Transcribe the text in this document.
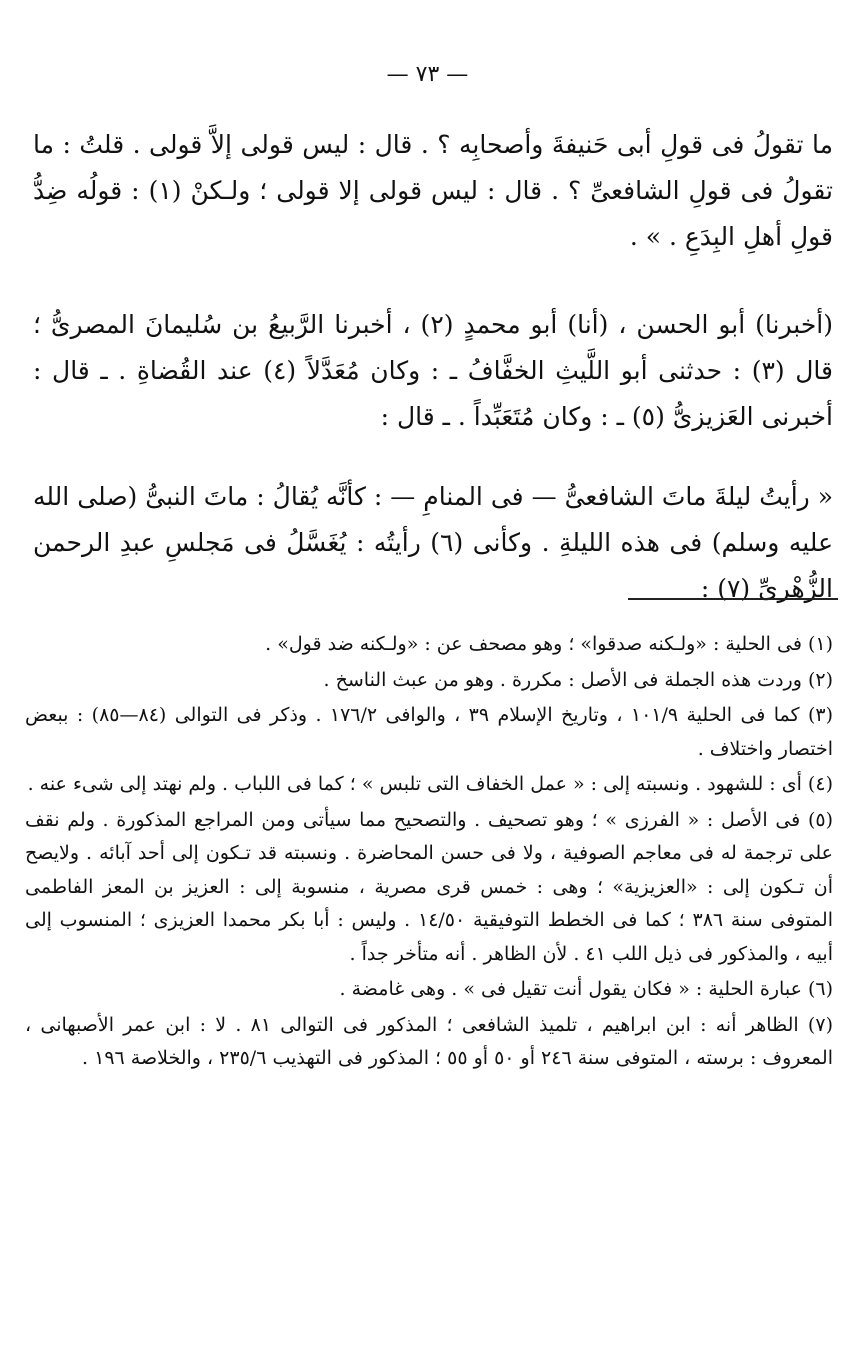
— ٧٣ —

ما تقولُ فى قولِ أبى حَنيفةَ وأصحابِه ؟ . قال : ليس قولى إلاَّ قولى . قلتُ : ما تقولُ فى قولِ الشافعىِّ ؟ . قال : ليس قولى إلا قولى ؛ ولـكنْ (١) : قولُه ضِدُّ قولِ أهلِ البِدَعِ . » .

(أخبرنا) أبو الحسن ، (أنا) أبو محمدٍ (٢) ، أخبرنا الرَّبيعُ بن سُليمانَ المصرىُّ ؛ قال (٣) : حدثنى أبو اللَّيثِ الخفَّافُ ـ : وكان مُعَدَّلاً (٤) عند القُضاةِ . ـ قال : أخبرنى العَزيزىُّ (٥) ـ : وكان مُتَعَبِّداً . ـ قال :

« رأيتُ ليلةَ ماتَ الشافعىُّ — فى المنامِ — : كأنَّه يُقالُ : ماتَ النبىُّ (صلى الله عليه وسلم) فى هذه الليلةِ . وكأنى (٦) رأيتُه : يُغَسَّلُ فى مَجلسِ عبدِ الرحمن الزُّهْرىِّ (٧) :

(١) فى الحلية : «ولـكنه صدقوا» ؛ وهو مصحف عن : «ولـكنه ضد قول» .

(٢) وردت هذه الجملة فى الأصل : مكررة . وهو من عبث الناسخ .

(٣) كما فى الحلية ١٠١/٩ ، وتاريخ الإسلام ٣٩ ، والوافى ١٧٦/٢ . وذكر فى التوالى (٨٤—٨٥) : ببعض اختصار واختلاف .

(٤) أى : للشهود . ونسبته إلى : « عمل الخفاف التى تلبس » ؛ كما فى اللباب . ولم نهتد إلى شىء عنه .

(٥) فى الأصل : « الفرزى » ؛ وهو تصحيف . والتصحيح مما سيأتى ومن المراجع المذكورة . ولم نقف على ترجمة له فى معاجم الصوفية ، ولا فى حسن المحاضرة . ونسبته قد تـكون إلى أحد آبائه . ولايصح أن تـكون إلى : «العزيزية» ؛ وهى : خمس قرى مصرية ، منسوبة إلى : العزيز بن المعز الفاطمى المتوفى سنة ٣٨٦ ؛ كما فى الخطط التوفيقية ١٤/٥٠ . وليس : أبا بكر محمدا العزيزى ؛ المنسوب إلى أبيه ، والمذكور فى ذيل اللب ٤١ . لأن الظاهر . أنه متأخر جداً .

(٦) عبارة الحلية : « فكان يقول أنت تقيل فى » . وهى غامضة .

(٧) الظاهر أنه : ابن ابراهيم ، تلميذ الشافعى ؛ المذكور فى التوالى ٨١ . لا : ابن عمر الأصبهانى ، المعروف : برسته ، المتوفى سنة ٢٤٦ أو ٥٠ أو ٥٥ ؛ المذكور فى التهذيب ٢٣٥/٦ ، والخلاصة ١٩٦ .
